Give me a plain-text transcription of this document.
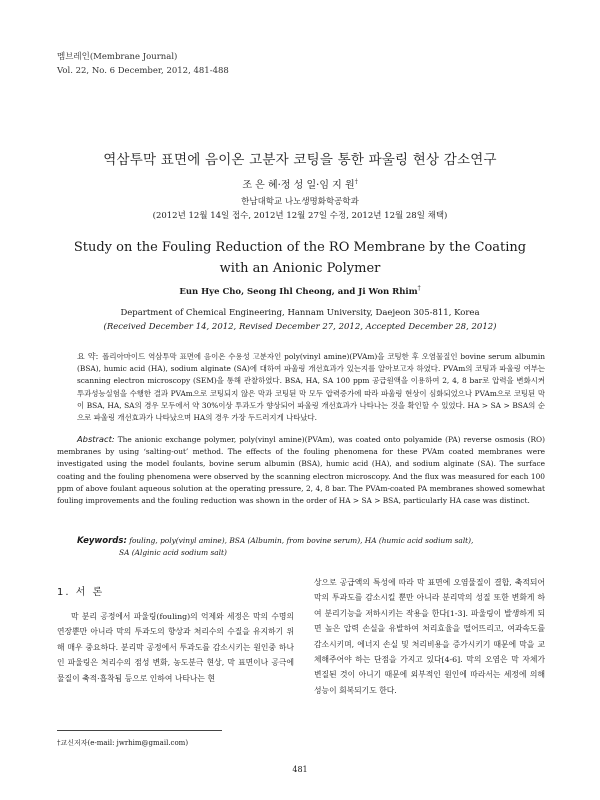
멤브레인(Membrane Journal)
Vol. 22, No. 6 December, 2012, 481-488
역삼투막 표면에 음이온 고분자 코팅을 통한 파울링 현상 감소연구
조 은 혜·정 성 일·임 지 원†
한남대학교 나노생명화학공학과
(2012년 12월 14일 접수, 2012년 12월 27일 수정, 2012년 12월 28일 채택)
Study on the Fouling Reduction of the RO Membrane by the Coating
with an Anionic Polymer
Eun Hye Cho, Seong Ihl Cheong, and Ji Won Rhim†
Department of Chemical Engineering, Hannam University, Daejeon 305-811, Korea
(Received December 14, 2012, Revised December 27, 2012, Accepted December 28, 2012)
요 약: 폴리아마이드 역삼투막 표면에 음이온 수용성 고분자인 poly(vinyl amine)(PVAm)을 코팅한 후 오염물질인 bovine serum albumin (BSA), humic acid (HA), sodium alginate (SA)에 대하여 파울링 개선효과가 있는지를 알아보고자 하였다. PVAm의 코팅과 파울링 여부는 scanning electron microscopy (SEM)을 통해 관찰하였다. BSA, HA, SA 100 ppm 공급원액을 이용하여 2, 4, 8 bar로 압력을 변화시켜 투과성능실험을 수행한 결과 PVAm으로 코팅되지 않은 막과 코팅된 막 모두 압력증가에 따라 파울링 현상이 심화되었으나 PVAm으로 코팅된 막이 BSA, HA, SA의 경우 모두에서 약 30%이상 투과도가 향상되어 파울링 개선효과가 나타나는 것을 확인할 수 있었다. HA > SA > BSA의 순으로 파울링 개선효과가 나타났으며 HA의 경우 가장 두드러지게 나타났다.
Abstract: The anionic exchange polymer, poly(vinyl amine)(PVAm), was coated onto polyamide (PA) reverse osmosis (RO) membranes by using ‘salting-out’ method. The effects of the fouling phenomena for these PVAm coated membranes were investigated using the model foulants, bovine serum albumin (BSA), humic acid (HA), and sodium alginate (SA). The surface coating and the fouling phenomena were observed by the scanning electron microscopy. And the flux was measured for each 100 ppm of above foulant aqueous solution at the operating pressure, 2, 4, 8 bar. The PVAm-coated PA membranes showed somewhat fouling improvements and the fouling reduction was shown in the order of HA > SA > BSA, particularly HA case was distinct.
Keywords: fouling, poly(vinyl amine), BSA (Albumin, from bovine serum), HA (humic acid sodium salt),
SA (Alginic acid sodium salt)
1. 서 론
막 분리 공정에서 파울링(fouling)의 억제와 세정은 막의 수명의 연장뿐만 아니라 막의 투과도의 향상과 처리수의 수질을 유지하기 위해 매우 중요하다. 분리막 공정에서 투과도를 감소시키는 원인중 하나인 파울링은 처리수의 점성 변화, 농도분극 현상, 막 표면이나 공극에 물질이 축적·흡착됨 등으로 인하여 나타나는 현
상으로 공급액의 특성에 따라 막 표면에 오염물질이 결합, 축적되어 막의 투과도를 감소시킬 뿐만 아니라 분리막의 성질 또한 변화게 하여 분리기능을 저하시키는 작용을 한다[1-3]. 파울링이 발생하게 되면 높은 압력 손실을 유발하여 처리효율을 떨어뜨리고, 여과속도를 감소시키며, 에너지 손실 및 처리비용을 증가시키기 때문에 막을 교체해주어야 하는 단점을 가지고 있다[4-6]. 막의 오염은 막 자체가 변질된 것이 아니기 때문에 외부적인 원인에 따라서는 세정에 의해 성능이 회복되기도 한다.
†교신저자(e-mail: jwrhim@gmail.com)
481
